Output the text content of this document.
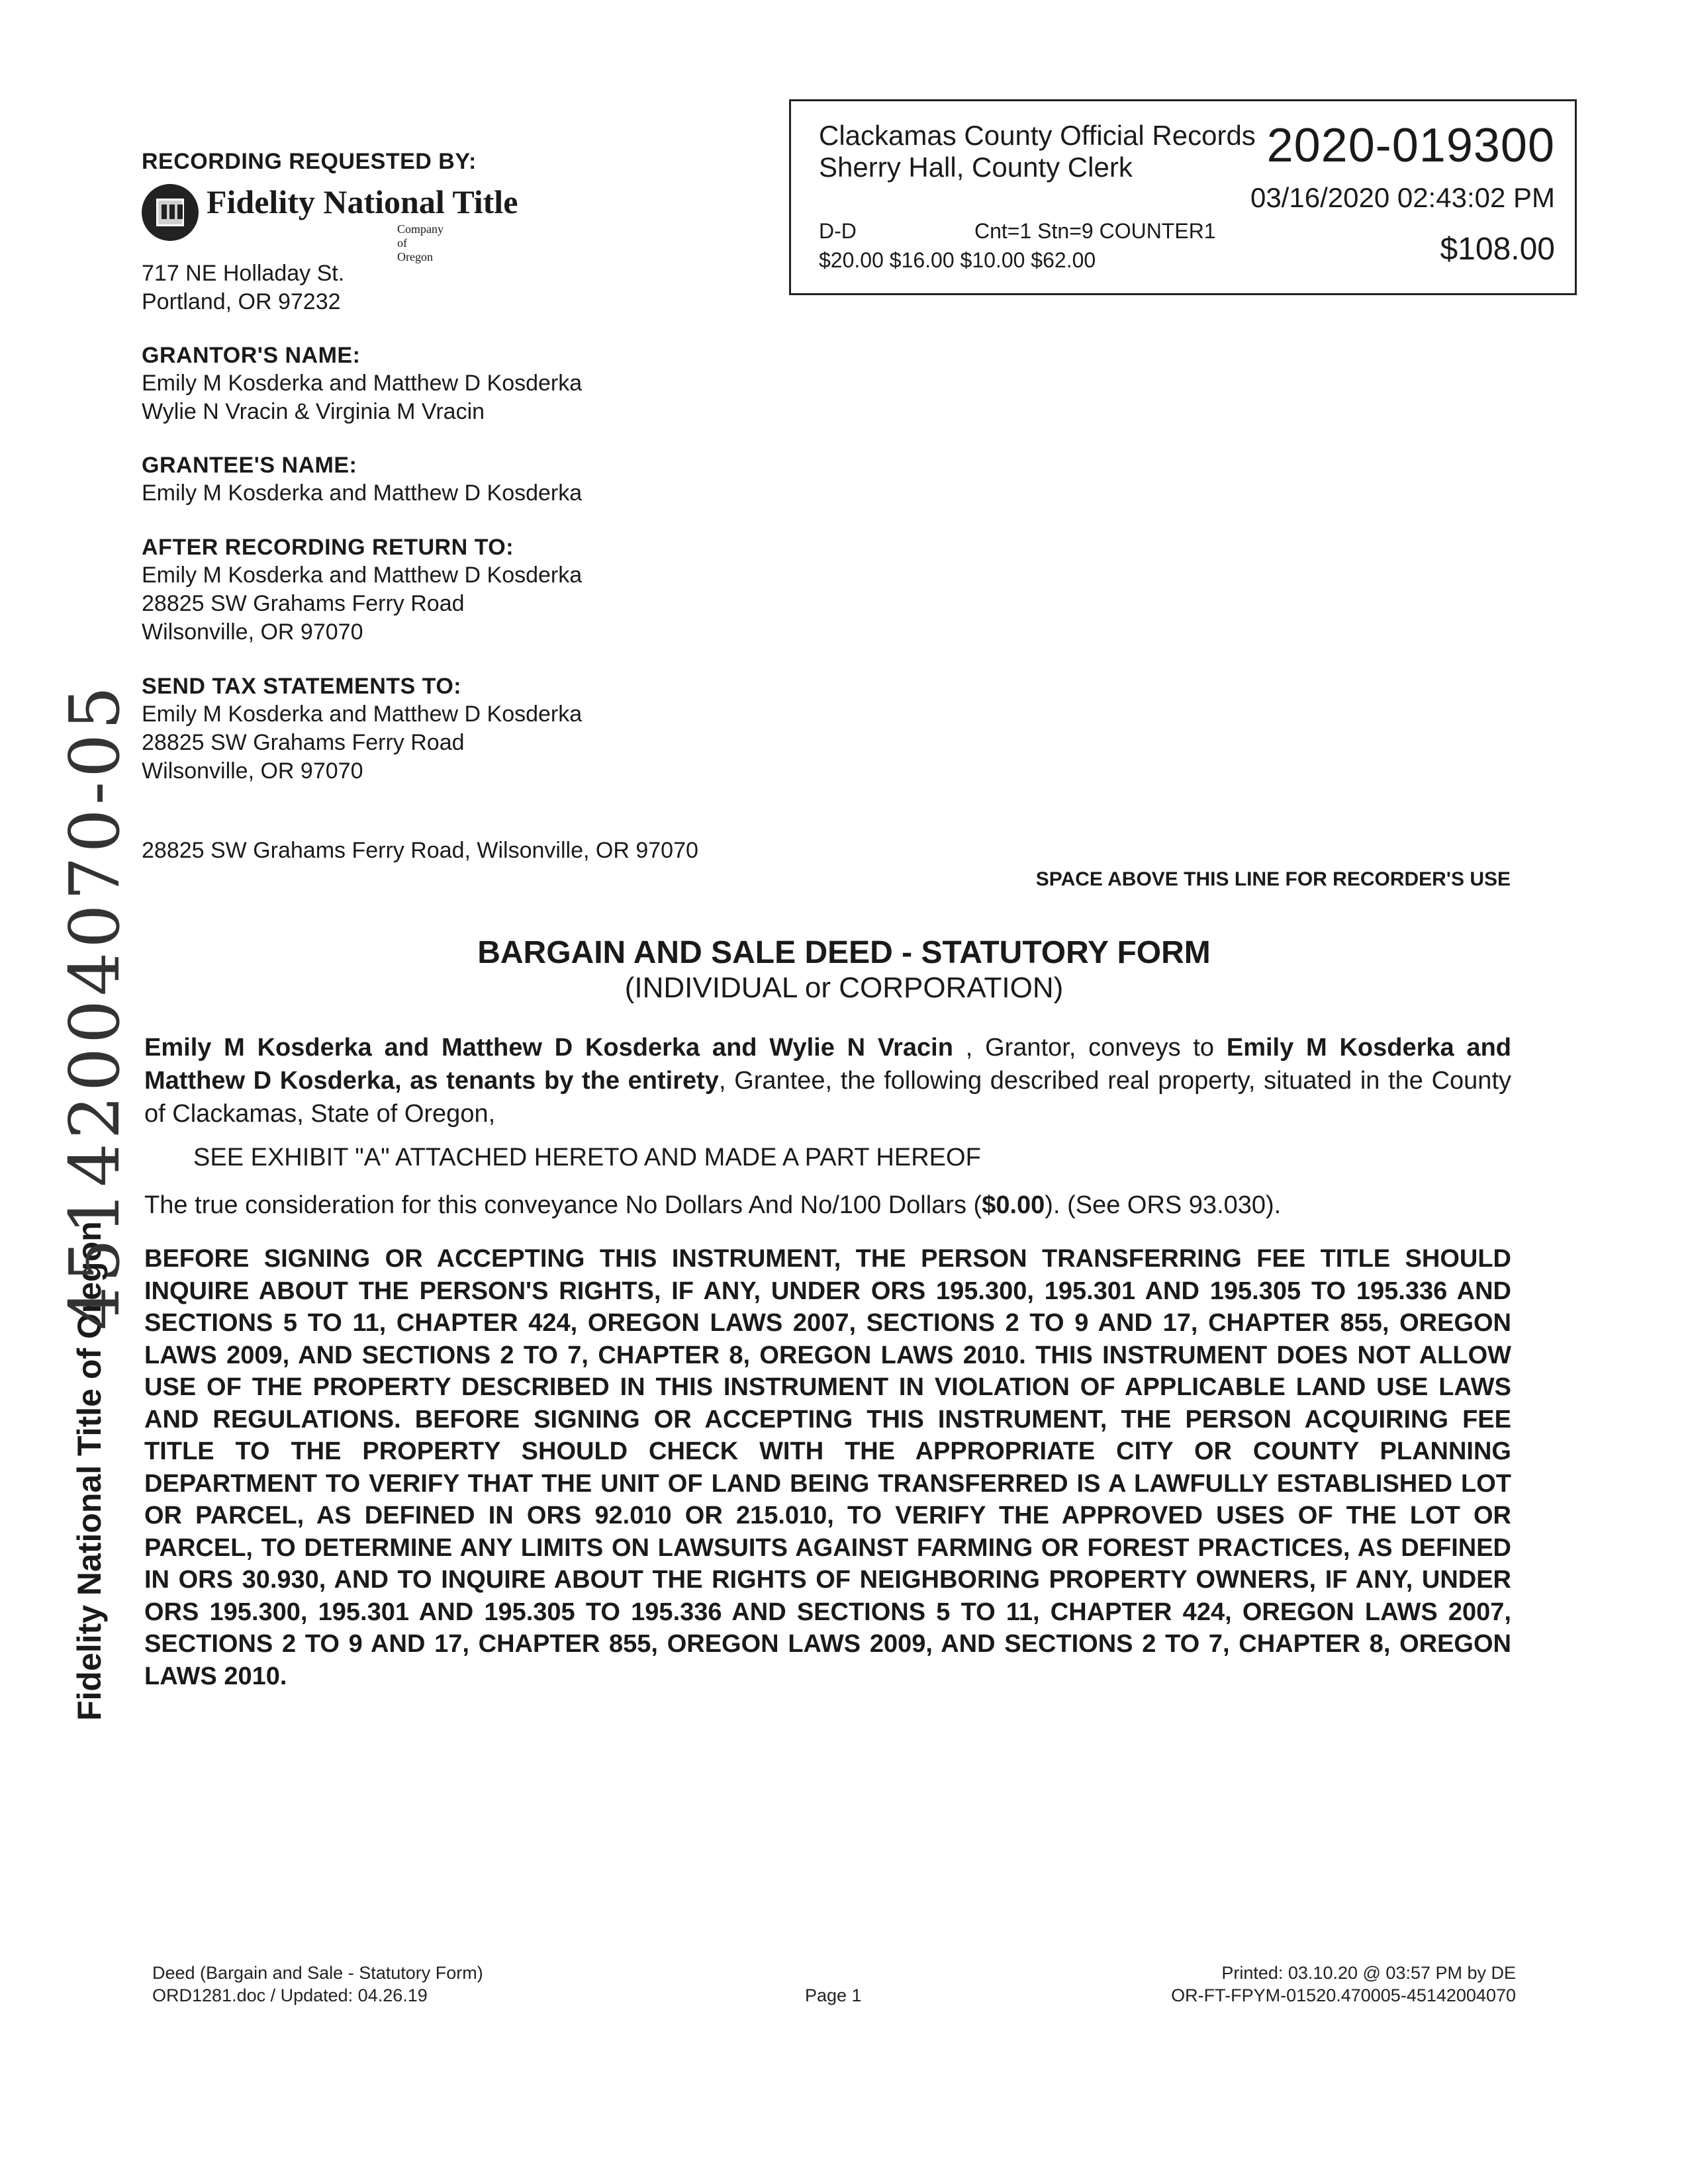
Clackamas County Official Records
Sherry Hall, County Clerk	2020-019300
03/16/2020 02:43:02 PM
D-D	Cnt=1 Stn=9 COUNTER1
$20.00 $16.00 $10.00 $62.00	$108.00
RECORDING REQUESTED BY:
Fidelity National Title
Company of Oregon
717 NE Holladay St.
Portland, OR 97232
GRANTOR'S NAME:
Emily M Kosderka and Matthew D Kosderka
Wylie N Vracin & Virginia M Vracin
GRANTEE'S NAME:
Emily M Kosderka and Matthew D Kosderka
AFTER RECORDING RETURN TO:
Emily M Kosderka and Matthew D Kosderka
28825 SW Grahams Ferry Road
Wilsonville, OR 97070
SEND TAX STATEMENTS TO:
Emily M Kosderka and Matthew D Kosderka
28825 SW Grahams Ferry Road
Wilsonville, OR 97070
28825 SW Grahams Ferry Road, Wilsonville, OR 97070
SPACE ABOVE THIS LINE FOR RECORDER'S USE
BARGAIN AND SALE DEED - STATUTORY FORM
(INDIVIDUAL or CORPORATION)
Emily M Kosderka and Matthew D Kosderka and Wylie N Vracin , Grantor, conveys to Emily M Kosderka and Matthew D Kosderka, as tenants by the entirety, Grantee, the following described real property, situated in the County of Clackamas, State of Oregon,
SEE EXHIBIT "A" ATTACHED HERETO AND MADE A PART HEREOF
The true consideration for this conveyance No Dollars And No/100 Dollars ($0.00). (See ORS 93.030).
BEFORE SIGNING OR ACCEPTING THIS INSTRUMENT, THE PERSON TRANSFERRING FEE TITLE SHOULD INQUIRE ABOUT THE PERSON'S RIGHTS, IF ANY, UNDER ORS 195.300, 195.301 AND 195.305 TO 195.336 AND SECTIONS 5 TO 11, CHAPTER 424, OREGON LAWS 2007, SECTIONS 2 TO 9 AND 17, CHAPTER 855, OREGON LAWS 2009, AND SECTIONS 2 TO 7, CHAPTER 8, OREGON LAWS 2010. THIS INSTRUMENT DOES NOT ALLOW USE OF THE PROPERTY DESCRIBED IN THIS INSTRUMENT IN VIOLATION OF APPLICABLE LAND USE LAWS AND REGULATIONS. BEFORE SIGNING OR ACCEPTING THIS INSTRUMENT, THE PERSON ACQUIRING FEE TITLE TO THE PROPERTY SHOULD CHECK WITH THE APPROPRIATE CITY OR COUNTY PLANNING DEPARTMENT TO VERIFY THAT THE UNIT OF LAND BEING TRANSFERRED IS A LAWFULLY ESTABLISHED LOT OR PARCEL, AS DEFINED IN ORS 92.010 OR 215.010, TO VERIFY THE APPROVED USES OF THE LOT OR PARCEL, TO DETERMINE ANY LIMITS ON LAWSUITS AGAINST FARMING OR FOREST PRACTICES, AS DEFINED IN ORS 30.930, AND TO INQUIRE ABOUT THE RIGHTS OF NEIGHBORING PROPERTY OWNERS, IF ANY, UNDER ORS 195.300, 195.301 AND 195.305 TO 195.336 AND SECTIONS 5 TO 11, CHAPTER 424, OREGON LAWS 2007, SECTIONS 2 TO 9 AND 17, CHAPTER 855, OREGON LAWS 2009, AND SECTIONS 2 TO 7, CHAPTER 8, OREGON LAWS 2010.
Fidelity National Title of Oregon
45142004070-05
Deed (Bargain and Sale - Statutory Form)
ORD1281.doc / Updated: 04.26.19	Page 1
Printed: 03.10.20 @ 03:57 PM by DE
OR-FT-FPYM-01520.470005-45142004070
